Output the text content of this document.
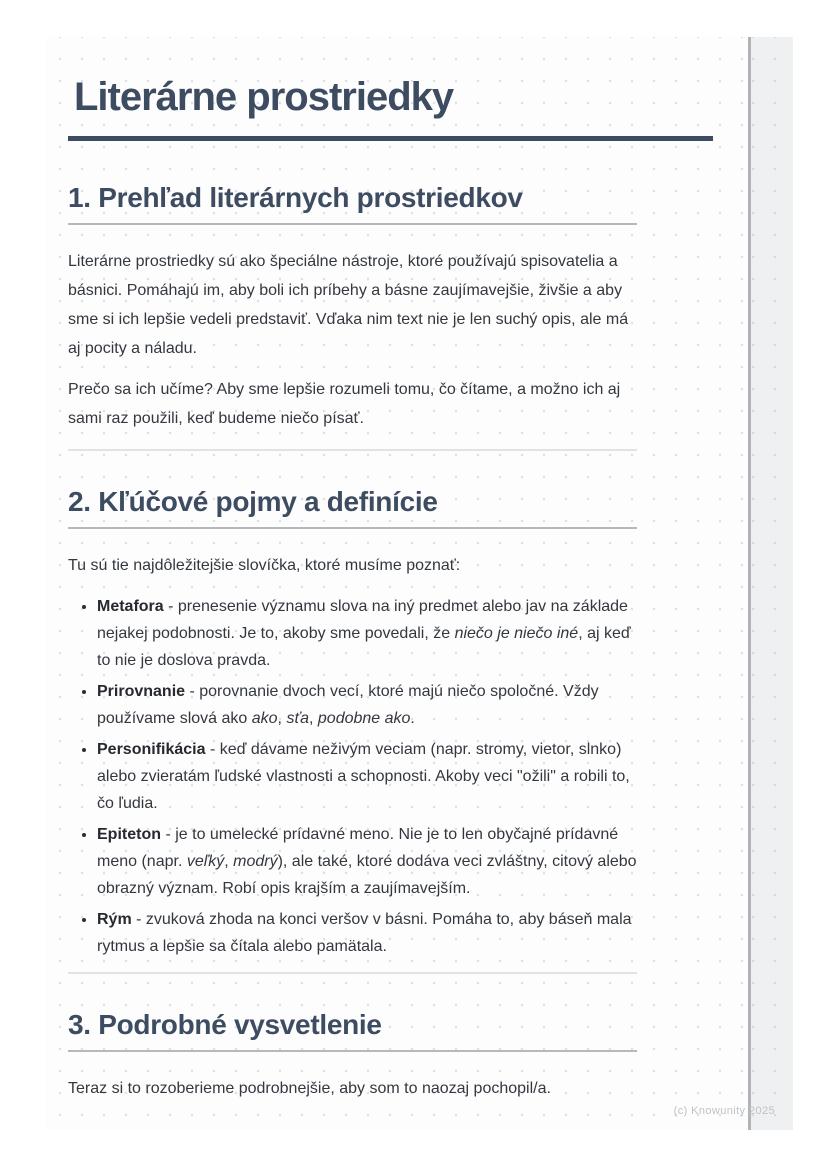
Literárne prostriedky
1. Prehľad literárnych prostriedkov

Literárne prostriedky sú ako špeciálne nástroje, ktoré používajú spisovatelia a básnici. Pomáhajú im, aby boli ich príbehy a básne zaujímavejšie, živšie a aby sme si ich lepšie vedeli predstaviť. Vďaka nim text nie je len suchý opis, ale má aj pocity a náladu.

Prečo sa ich učíme? Aby sme lepšie rozumeli tomu, čo čítame, a možno ich aj sami raz použili, keď budeme niečo písať.

2. Kľúčové pojmy a definície

Tu sú tie najdôležitejšie slovíčka, ktoré musíme poznať:

• Metafora - prenesenie významu slova na iný predmet alebo jav na základe nejakej podobnosti. Je to, akoby sme povedali, že niečo je niečo iné, aj keď to nie je doslova pravda.
• Prirovnanie - porovnanie dvoch vecí, ktoré majú niečo spoločné. Vždy používame slová ako ako, sťa, podobne ako.
• Personifikácia - keď dávame neživým veciam (napr. stromy, vietor, slnko) alebo zvieratám ľudské vlastnosti a schopnosti. Akoby veci "ožili" a robili to, čo ľudia.
• Epiteton - je to umelecké prídavné meno. Nie je to len obyčajné prídavné meno (napr. veľký, modrý), ale také, ktoré dodáva veci zvláštny, citový alebo obrazný význam. Robí opis krajším a zaujímavejším.
• Rým - zvuková zhoda na konci veršov v básni. Pomáha to, aby báseň mala rytmus a lepšie sa čítala alebo pamätala.
3. Podrobné vysvetlenie

Teraz si to rozoberieme podrobnejšie, aby som to naozaj pochopil/a.

(c) Knowunity 2025
